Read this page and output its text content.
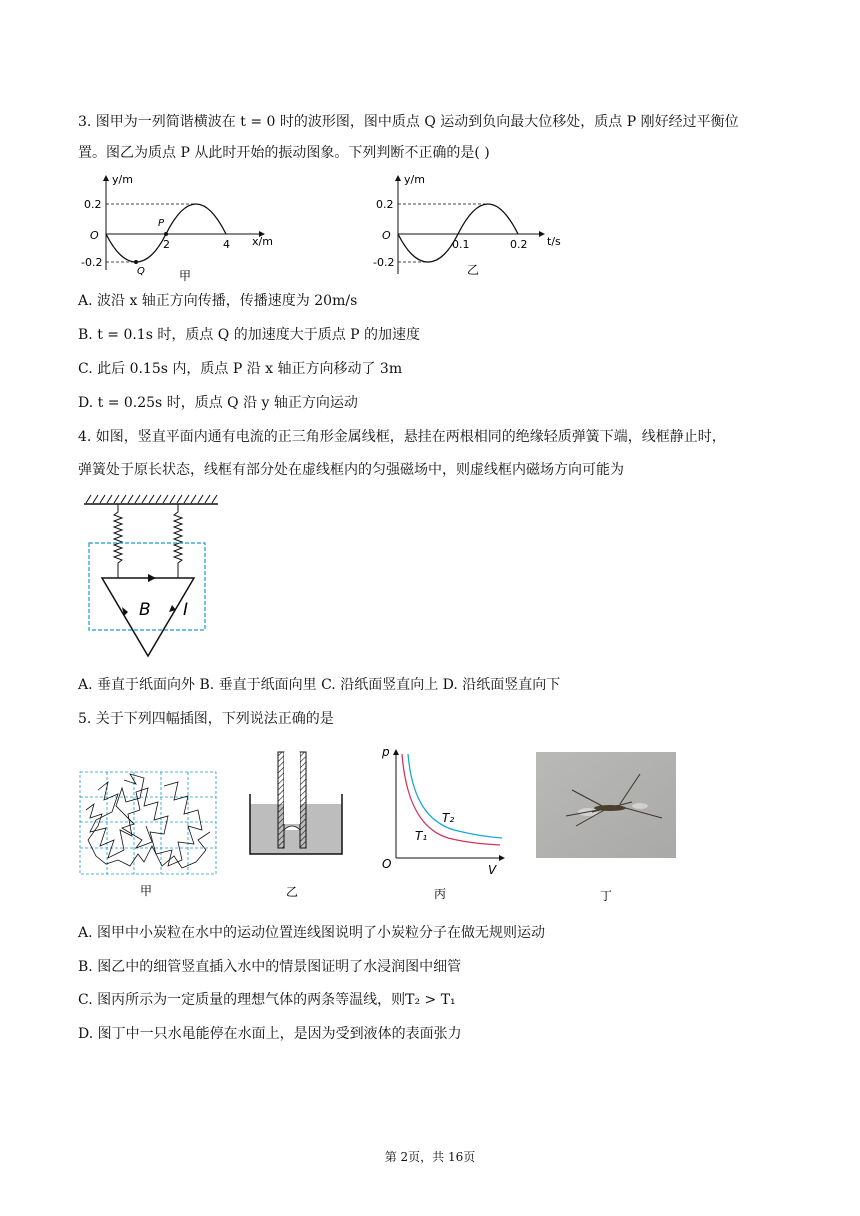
3. 图甲为一列简谐横波在 t = 0 时的波形图，图中质点 Q 运动到负向最大位移处，质点 P 刚好经过平衡位
置。图乙为质点 P 从此时开始的振动图象。下列判断不正确的是( )
y/m
x/m
O
0.2
-0.2
2	4
P
Q	甲
y/m
t/s
O
0.2
-0.2
0.1	0.2
乙
A. 波沿 x 轴正方向传播，传播速度为 20m/s
B. t = 0.1s 时，质点 Q 的加速度大于质点 P 的加速度
C. 此后 0.15s 内，质点 P 沿 x 轴正方向移动了 3m
D. t = 0.25s 时，质点 Q 沿 y 轴正方向运动
4. 如图，竖直平面内通有电流的正三角形金属线框，悬挂在两根相同的绝缘轻质弹簧下端，线框静止时，
弹簧处于原长状态，线框有部分处在虚线框内的匀强磁场中，则虚线框内磁场方向可能为
B I
A. 垂直于纸面向外 B. 垂直于纸面向里 C. 沿纸面竖直向上 D. 沿纸面竖直向下
5. 关于下列四幅插图，下列说法正确的是
甲	乙
p
V
O
T₂
T₁
丙	丁
A. 图甲中小炭粒在水中的运动位置连线图说明了小炭粒分子在做无规则运动
B. 图乙中的细管竖直插入水中的情景图证明了水浸润图中细管
C. 图丙所示为一定质量的理想气体的两条等温线，则T₂ > T₁
D. 图丁中一只水黾能停在水面上，是因为受到液体的表面张力
第 2页，共 16页
